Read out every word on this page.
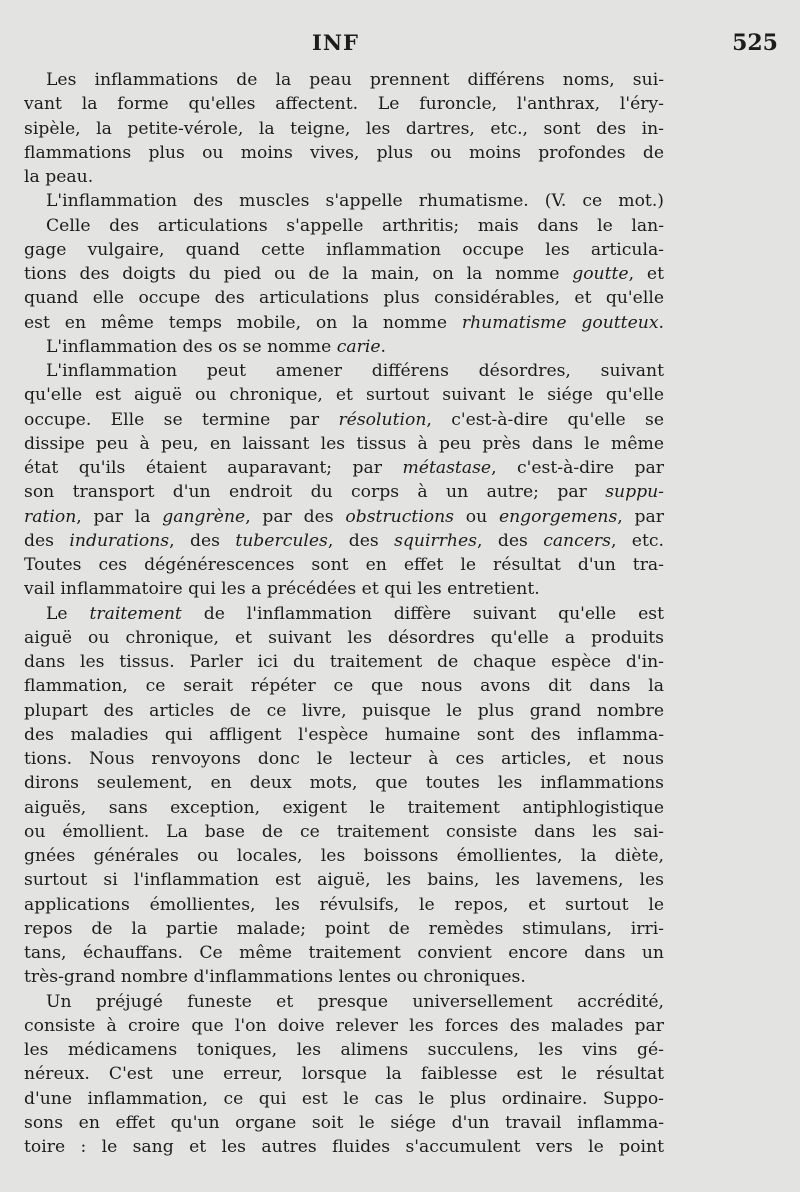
INF	525
Les inflammations de la peau prennent différens noms, sui-
vant la forme qu'elles affectent. Le furoncle, l'anthrax, l'éry-
sipèle, la petite-vérole, la teigne, les dartres, etc., sont des in-
flammations plus ou moins vives, plus ou moins profondes de
la peau.
L'inflammation des muscles s'appelle rhumatisme. (V. ce mot.)
Celle des articulations s'appelle arthritis; mais dans le lan-
gage vulgaire, quand cette inflammation occupe les articula-
tions des doigts du pied ou de la main, on la nomme goutte, et
quand elle occupe des articulations plus considérables, et qu'elle
est en même temps mobile, on la nomme rhumatisme goutteux.
L'inflammation des os se nomme carie.
L'inflammation peut amener différens désordres, suivant
qu'elle est aiguë ou chronique, et surtout suivant le siége qu'elle
occupe. Elle se termine par résolution, c'est-à-dire qu'elle se
dissipe peu à peu, en laissant les tissus à peu près dans le même
état qu'ils étaient auparavant; par métastase, c'est-à-dire par
son transport d'un endroit du corps à un autre; par suppu-
ration, par la gangrène, par des obstructions ou engorgemens, par
des indurations, des tubercules, des squirrhes, des cancers, etc.
Toutes ces dégénérescences sont en effet le résultat d'un tra-
vail inflammatoire qui les a précédées et qui les entretient.
Le traitement de l'inflammation diffère suivant qu'elle est
aiguë ou chronique, et suivant les désordres qu'elle a produits
dans les tissus. Parler ici du traitement de chaque espèce d'in-
flammation, ce serait répéter ce que nous avons dit dans la
plupart des articles de ce livre, puisque le plus grand nombre
des maladies qui affligent l'espèce humaine sont des inflamma-
tions. Nous renvoyons donc le lecteur à ces articles, et nous
dirons seulement, en deux mots, que toutes les inflammations
aiguës, sans exception, exigent le traitement antiphlogistique
ou émollient. La base de ce traitement consiste dans les sai-
gnées générales ou locales, les boissons émollientes, la diète,
surtout si l'inflammation est aiguë, les bains, les lavemens, les
applications émollientes, les révulsifs, le repos, et surtout le
repos de la partie malade; point de remèdes stimulans, irri-
tans, échauffans. Ce même traitement convient encore dans un
très-grand nombre d'inflammations lentes ou chroniques.
Un préjugé funeste et presque universellement accrédité,
consiste à croire que l'on doive relever les forces des malades par
les médicamens toniques, les alimens succulens, les vins gé-
néreux. C'est une erreur, lorsque la faiblesse est le résultat
d'une inflammation, ce qui est le cas le plus ordinaire. Suppo-
sons en effet qu'un organe soit le siége d'un travail inflamma-
toire : le sang et les autres fluides s'accumulent vers le point
